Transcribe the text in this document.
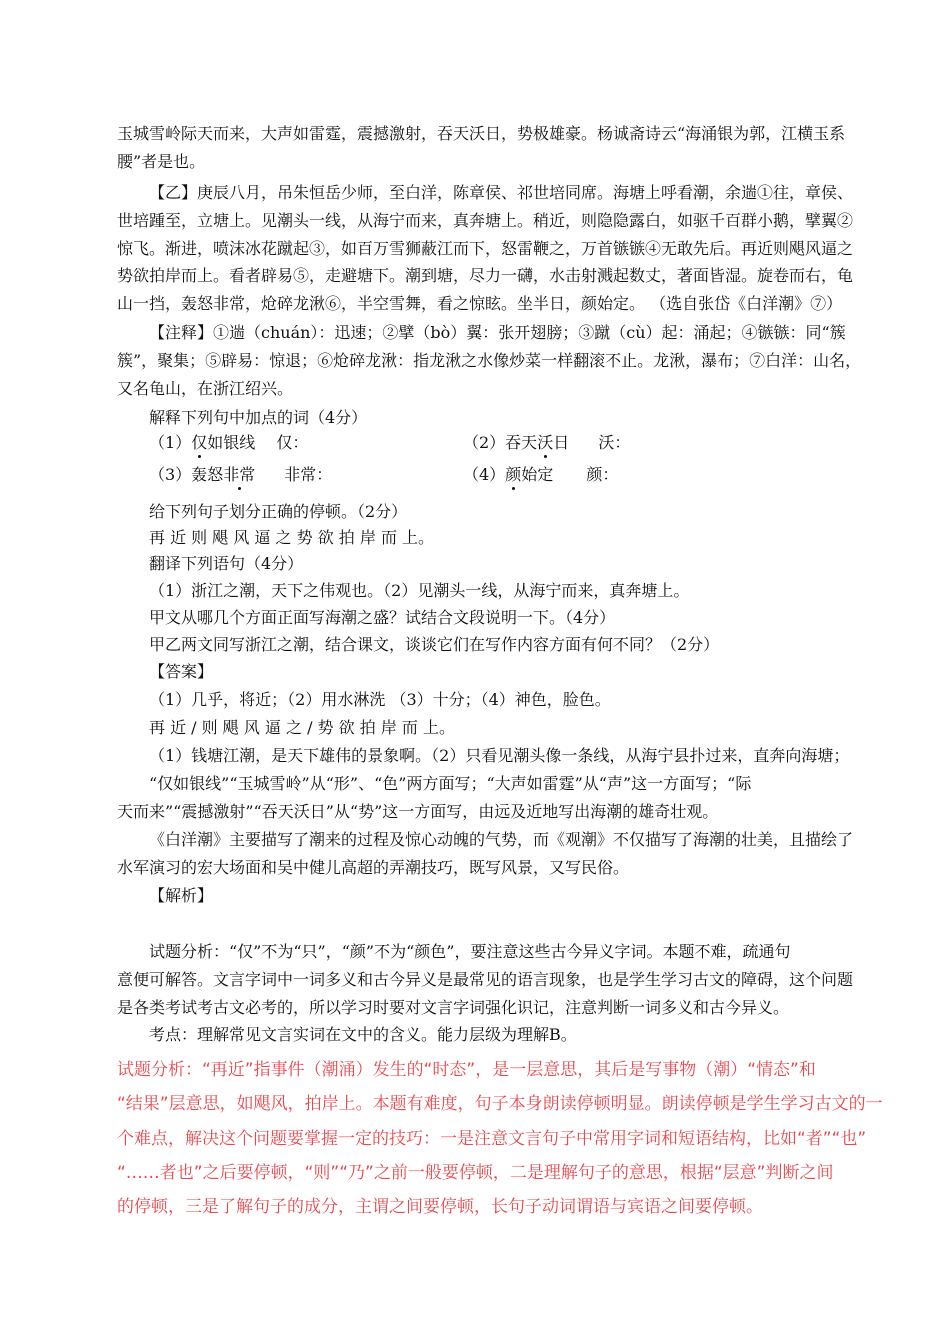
玉城雪岭际天而来，大声如雷霆，震撼激射，吞天沃日，势极雄豪。杨诚斋诗云“海涌银为郭，江横玉系
腰”者是也。
【乙】庚辰八月，吊朱恒岳少师，至白洋，陈章侯、祁世培同席。海塘上呼看潮，余遄①往，章侯、
世培踵至，立塘上。见潮头一线，从海宁而来，真奔塘上。稍近，则隐隐露白，如驱千百群小鹅，擘翼②
惊飞。渐进，喷沫冰花蹴起③，如百万雪狮蔽江而下，怒雷鞭之，万首镞镞④无敢先后。再近则飓风逼之
势欲拍岸而上。看者辟易⑤，走避塘下。潮到塘，尽力一礴，水击射溅起数丈，著面皆湿。旋卷而右，龟
山一挡，轰怒非常，炝碎龙湫⑥，半空雪舞，看之惊眩。坐半日，颜始定。 （选自张岱《白洋潮》⑦）
【注释】①遄（chuán）：迅速；②擘（bò）翼：张开翅膀；③蹴（cù）起：涌起；④镞镞：同“簇
簇”，聚集；⑤辟易：惊退；⑥炝碎龙湫：指龙湫之水像炒菜一样翻滚不止。龙湫，瀑布；⑦白洋：山名，
又名龟山，在浙江绍兴。
解释下列句中加点的词（4分）
（1）仅如银线 仅：	（2）吞天沃日 沃：
（3）轰怒非常 非常：	（4）颜始定 颜：
给下列句子划分正确的停顿。（2分）
再 近 则 飓 风 逼 之 势 欲 拍 岸 而 上。
翻译下列语句（4分）
（1）浙江之潮，天下之伟观也。（2）见潮头一线，从海宁而来，真奔塘上。
甲文从哪几个方面正面写海潮之盛？试结合文段说明一下。（4分）
甲乙两文同写浙江之潮，结合课文，谈谈它们在写作内容方面有何不同？（2分）
【答案】
（1）几乎，将近；（2）用水淋洗 （3）十分；（4）神色，脸色。
再 近 / 则 飓 风 逼 之 / 势 欲 拍 岸 而 上。
（1）钱塘江潮，是天下雄伟的景象啊。（2）只看见潮头像一条线，从海宁县扑过来，直奔向海塘；
“仅如银线”“玉城雪岭”从“形”、“色”两方面写；“大声如雷霆”从“声”这一方面写；“际
天而来”“震撼激射”“吞天沃日”从“势”这一方面写，由远及近地写出海潮的雄奇壮观。
《白洋潮》主要描写了潮来的过程及惊心动魄的气势，而《观潮》不仅描写了海潮的壮美，且描绘了
水军演习的宏大场面和吴中健儿高超的弄潮技巧，既写风景，又写民俗。
【解析】
试题分析：“仅”不为“只”，“颜”不为“颜色”，要注意这些古今异义字词。本题不难，疏通句
意便可解答。文言字词中一词多义和古今异义是最常见的语言现象，也是学生学习古文的障碍，这个问题
是各类考试考古文必考的，所以学习时要对文言字词强化识记，注意判断一词多义和古今异义。
考点：理解常见文言实词在文中的含义。能力层级为理解B。
试题分析：“再近”指事件（潮涌）发生的“时态”，是一层意思，其后是写事物（潮）“情态”和
“结果”层意思，如飓风，拍岸上。本题有难度，句子本身朗读停顿明显。朗读停顿是学生学习古文的一
个难点，解决这个问题要掌握一定的技巧：一是注意文言句子中常用字词和短语结构，比如“者”“也”
“……者也”之后要停顿，“则”“乃”之前一般要停顿，二是理解句子的意思，根据“层意”判断之间
的停顿，三是了解句子的成分，主谓之间要停顿，长句子动词谓语与宾语之间要停顿。
